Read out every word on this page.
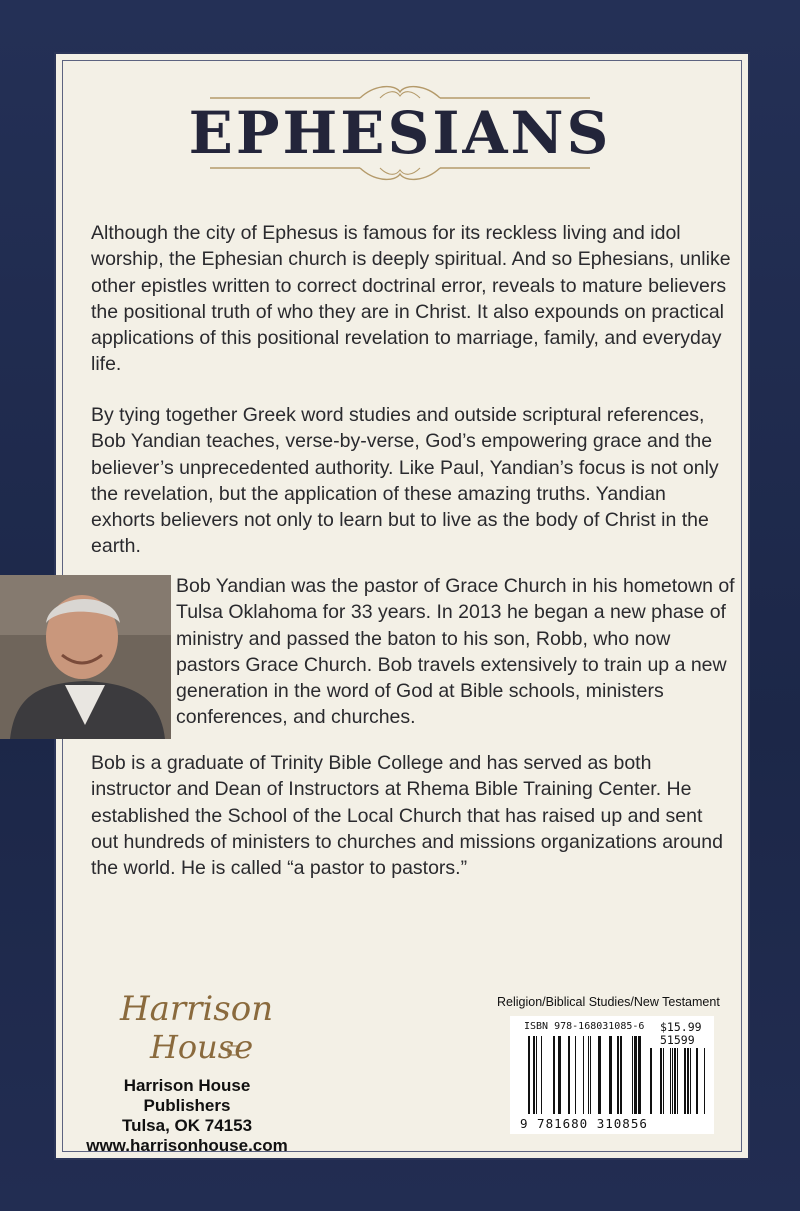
EPHESIANS

Although the city of Ephesus is famous for its reckless living and idol worship, the Ephesian church is deeply spiritual. And so Ephesians, unlike other epistles written to correct doctrinal error, reveals to mature believers the positional truth of who they are in Christ. It also expounds on practical applications of this positional revelation to marriage, family, and everyday life.

By tying together Greek word studies and outside scriptural references, Bob Yandian teaches, verse-by-verse, God’s empowering grace and the believer’s unprecedented authority. Like Paul, Yandian’s focus is not only the revelation, but the application of these amazing truths. Yandian exhorts believers not only to learn but to live as the body of Christ in the earth.

Bob Yandian was the pastor of Grace Church in his hometown of Tulsa Oklahoma for 33 years. In 2013 he began a new phase of ministry and passed the baton to his son, Robb, who now pastors Grace Church. Bob travels extensively to train up a new generation in the word of God at Bible schools, ministers conferences, and churches.

Bob is a graduate of Trinity Bible College and has served as both instructor and Dean of Instructors at Rhema Bible Training Center. He established the School of the Local Church that has raised up and sent out hundreds of ministers to churches and missions organizations around the world. He is called “a pastor to pastors.”

Harrison
House
Harrison House Publishers
Tulsa, OK 74153
www.harrisonhouse.com
Religion/Biblical Studies/New Testament
ISBN 978-168031085-6 $15.99
51599
9 781680 310856
